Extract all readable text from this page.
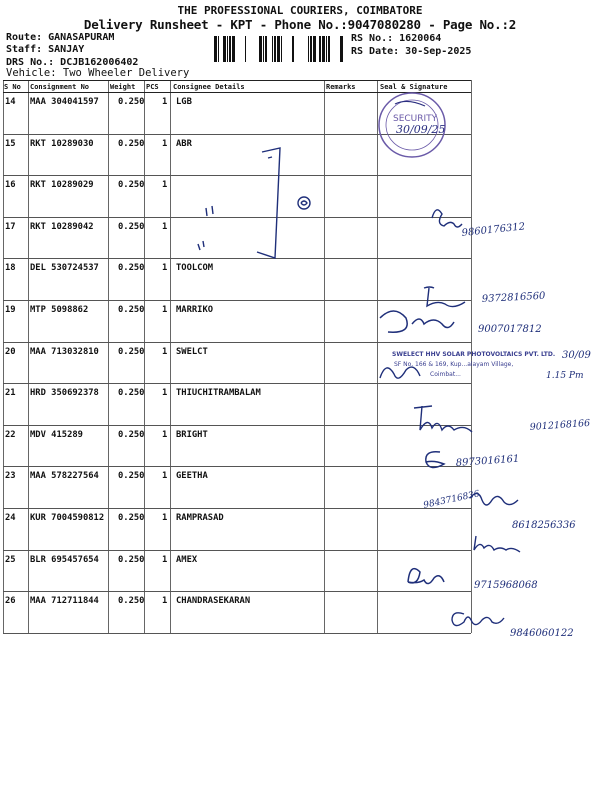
THE PROFESSIONAL COURIERS, COIMBATORE
Delivery Runsheet - KPT - Phone No.:9047080280 - Page No.:2
Route: GANASAPURAM
Staff: SANJAY
DRS No.: DCJB162006402
RS No.: 1620064
RS Date: 30-Sep-2025
Vehicle: Two Wheeler Delivery
S No Consignment No	Weight PCS Consignee Details	Remarks	Seal & Signature
14 MAA 304041597 0.250 1 LGB
15 RKT 10289030	0.250 1 ABR
16 RKT 10289029	0.250 1
17 RKT 10289042	0.250 1
18 DEL 530724537 0.250 1 TOOLCOM
19 MTP 5098862	0.250 1 MARRIKO
20 MAA 713032810 0.250 1 SWELCT
21 HRD 350692378 0.250 1 THIUCHITRAMBALAM
22 MDV 415289	0.250 1 BRIGHT
23 MAA 578227564 0.250 1 GEETHA
24 KUR 7004590812 0.250 1 RAMPRASAD
25 BLR 695457654 0.250 1 AMEX
26 MAA 712711844 0.250 1 CHANDRASEKARAN
SECURITY
30/09/25
9860176312
9372816560
9007017812
SWELECT HHV SOLAR PHOTOVOLTAICS PVT. LTD.
SF No. 166 & 169, Kup...alayam Village,
Coimbat...
30/09
1.15 Pm
9012168166
8973016161
9843716836
8618256336
9715968068
9846060122
